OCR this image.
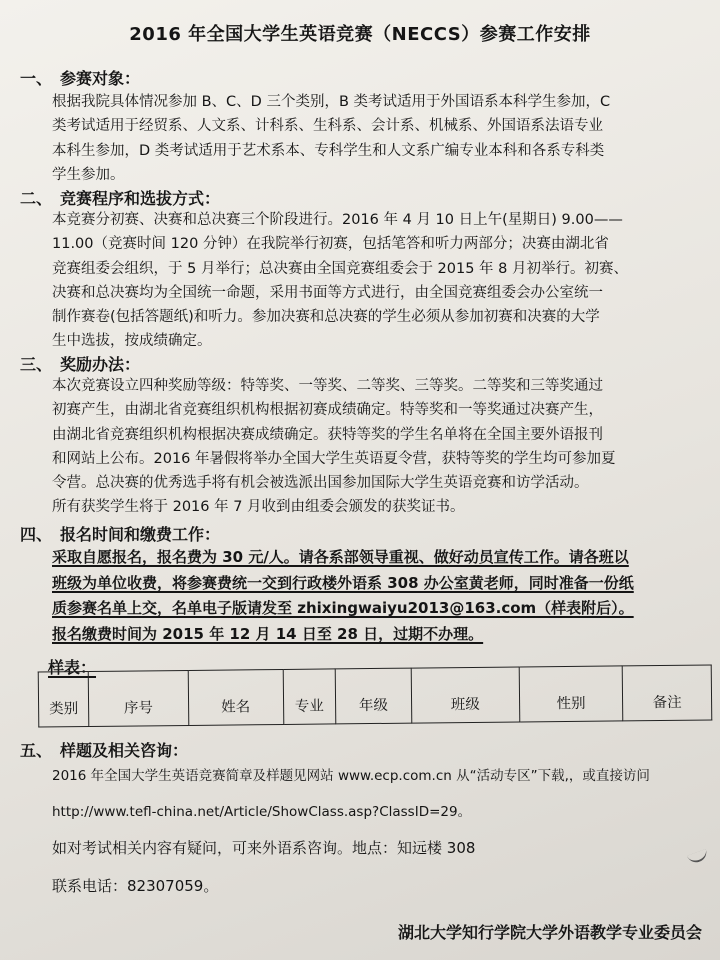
2016 年全国大学生英语竞赛（NECCS）参赛工作安排
一、 参赛对象：

根据我院具体情况参加 B、C、D 三个类别，B 类考试适用于外国语系本科学生参加，C

类考试适用于经贸系、人文系、计科系、生科系、会计系、机械系、外国语系法语专业

本科生参加，D 类考试适用于艺术系本、专科学生和人文系广编专业本科和各系专科类

学生参加。

二、 竞赛程序和选拔方式：

本竞赛分初赛、决赛和总决赛三个阶段进行。2016 年 4 月 10 日上午(星期日) 9.00——

11.00（竞赛时间 120 分钟）在我院举行初赛，包括笔答和听力两部分；决赛由湖北省

竞赛组委会组织，于 5 月举行；总决赛由全国竞赛组委会于 2015 年 8 月初举行。初赛、

决赛和总决赛均为全国统一命题，采用书面等方式进行，由全国竞赛组委会办公室统一

制作赛卷(包括答题纸)和听力。参加决赛和总决赛的学生必须从参加初赛和决赛的大学

生中选拔，按成绩确定。

三、 奖励办法：

本次竞赛设立四种奖励等级：特等奖、一等奖、二等奖、三等奖。二等奖和三等奖通过

初赛产生，由湖北省竞赛组织机构根据初赛成绩确定。特等奖和一等奖通过决赛产生，

由湖北省竞赛组织机构根据决赛成绩确定。获特等奖的学生名单将在全国主要外语报刊

和网站上公布。2016 年暑假将举办全国大学生英语夏令营，获特等奖的学生均可参加夏

令营。总决赛的优秀选手将有机会被选派出国参加国际大学生英语竞赛和访学活动。

所有获奖学生将于 2016 年 7 月收到由组委会颁发的获奖证书。

四、 报名时间和缴费工作：

采取自愿报名，报名费为 30 元/人。请各系部领导重视、做好动员宣传工作。请各班以

班级为单位收费，将参赛费统一交到行政楼外语系 308 办公室黄老师，同时准备一份纸

质参赛名单上交，名单电子版请发至 zhixingwaiyu2013@163.com（样表附后）。

报名缴费时间为 2015 年 12 月 14 日至 28 日，过期不办理。

样表：
类别	序号	姓名	专业	年级	班级	性别	备注
五、 样题及相关咨询：

2016 年全国大学生英语竞赛简章及样题见网站 www.ecp.com.cn 从“活动专区”下载,，或直接访问

http://www.tefl-china.net/Article/ShowClass.asp?ClassID=29。

如对考试相关内容有疑问，可来外语系咨询。地点：知远楼 308

联系电话：82307059。

湖北大学知行学院大学外语教学专业委员会
